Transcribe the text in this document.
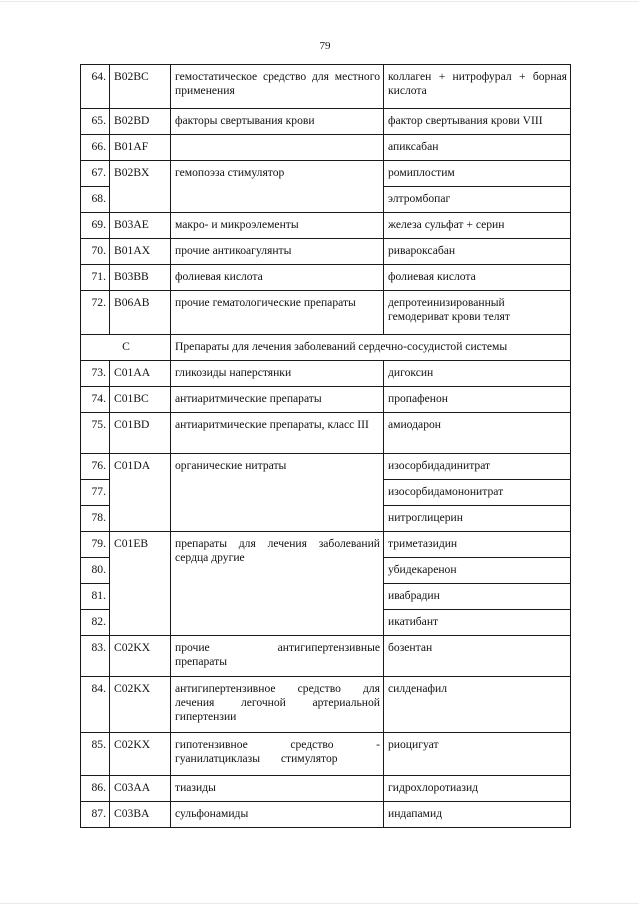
79
64.	B02BC	гемостатическое средство для местного применения	коллаген + нитрофурал + борная кислота
65.	B02BD	факторы свертывания крови	фактор свертывания крови VIII
66.	B01AF		апиксабан
67.	B02BX	гемопоэза стимулятор	ромиплостим
68.			элтромбопаг
69.	B03AE	макро- и микроэлементы	железа сульфат + серин
70.	B01AX	прочие антикоагулянты	ривароксабан
71.	B03BB	фолиевая кислота	фолиевая кислота
72.	B06AB	прочие гематологические препараты	депротеинизированный гемодериват крови телят
C		Препараты для лечения заболеваний сердечно-сосудистой системы	
73.	C01AA	гликозиды наперстянки	дигоксин
74.	C01BC	антиаритмические препараты	пропафенон
75.	C01BD	антиаритмические препараты, класс III	амиодарон
76.	C01DA	органические нитраты	изосорбидадинитрат
77.			изосорбидамононитрат
78.			нитроглицерин
79.	C01EB	препараты для лечения заболеваний сердца другие	триметазидин
80.			убидекаренон
81.			ивабрадин
82.			икатибант
83.	C02KX	прочие антигипертензивные препараты	бозентан
84.	C02KX	антигипертензивное средство для лечения легочной артериальной гипертензии	силденафил
85.	C02KX	гипотензивное средство - гуанилатциклазы стимулятор	риоцигуат
86.	C03AA	тиазиды	гидрохлоротиазид
87.	C03BA	сульфонамиды	индапамид
